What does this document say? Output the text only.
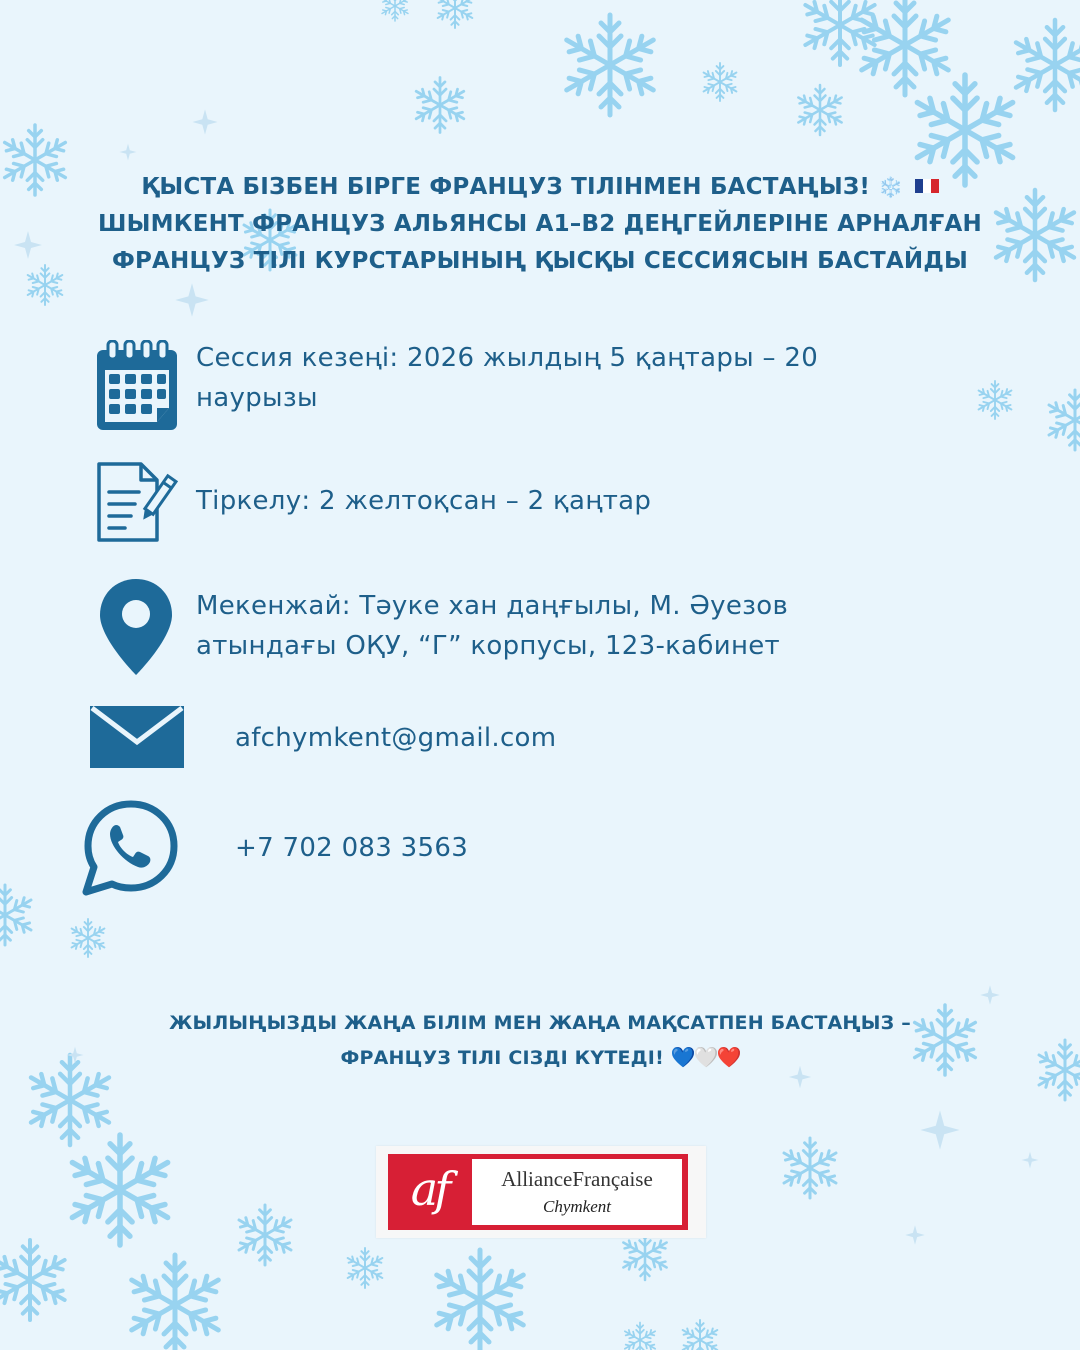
ҚЫСТА БІЗБЕН БІРГЕ ФРАНЦУЗ ТІЛІНМЕН БАСТАҢЫЗ! ❄️
ШЫМКЕНТ ФРАНЦУЗ АЛЬЯНСЫ А1–В2 ДЕҢГЕЙЛЕРІНЕ АРНАЛҒАН
ФРАНЦУЗ ТІЛІ КУРСТАРЫНЫҢ ҚЫСҚЫ СЕССИЯСЫН БАСТАЙДЫ
Сессия кезеңі: 2026 жылдың 5 қаңтары – 20
наурызы
Тіркелу: 2 желтоқсан – 2 қаңтар
Мекенжай: Тәуке хан даңғылы, М. Әуезов
атындағы ОҚУ, “Г” корпусы, 123-кабинет
afchymkent@gmail.com
+7 702 083 3563
ЖЫЛЫҢЫЗДЫ ЖАҢА БІЛІМ МЕН ЖАҢА МАҚСАТПЕН БАСТАҢЫЗ –
ФРАНЦУЗ ТІЛІ СІЗДІ КҮТЕДІ! 💙🤍❤️
af	AllianceFrançaise
Chymkent
